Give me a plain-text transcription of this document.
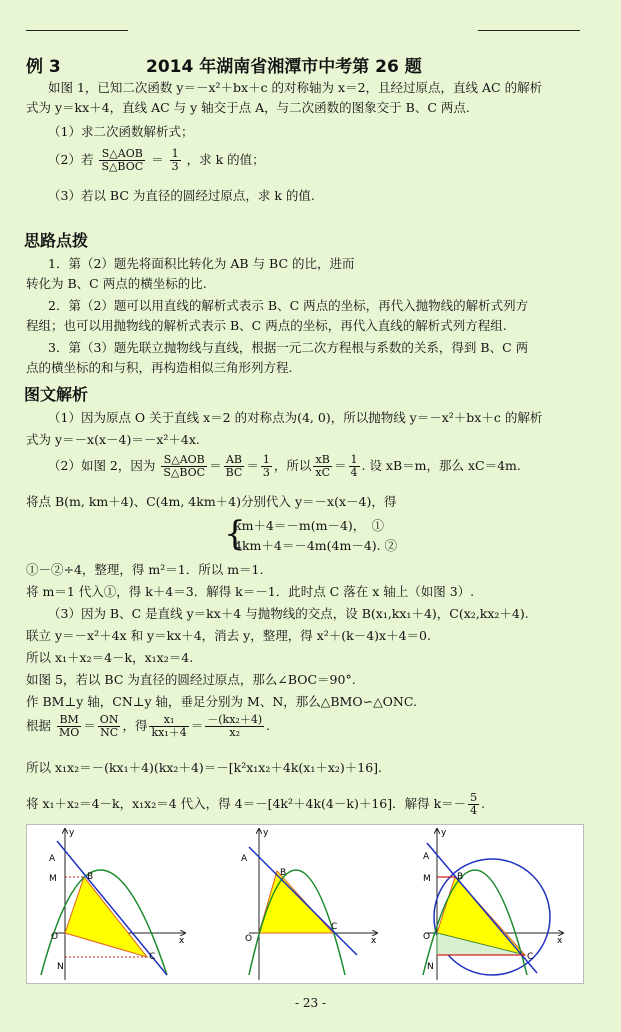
例 3	2014 年湖南省湘潭市中考第 26 题
如图 1，已知二次函数 y＝－x²＋bx＋c 的对称轴为 x＝2，且经过原点，直线 AC 的解析
式为 y＝kx＋4，直线 AC 与 y 轴交于点 A，与二次函数的图象交于 B、C 两点.
（1）求二次函数解析式；
（2）若 $\frac{\text{S△AOB}}{\text{S△BOC}} = \frac{1}{3}$ ，求 k 的值；
（3）若以 BC 为直径的圆经过原点，求 k 的值.
思路点拨
1．第（2）题先将面积比转化为 AB 与 BC 的比，进而
转化为 B、C 两点的横坐标的比.
2．第（2）题可以用直线的解析式表示 B、C 两点的坐标，再代入抛物线的解析式列方
程组；也可以用抛物线的解析式表示 B、C 两点的坐标，再代入直线的解析式列方程组.
3．第（3）题先联立抛物线与直线，根据一元二次方程根与系数的关系，得到 B、C 两
点的横坐标的和与积，再构造相似三角形列方程.
图文解析
（1）因为原点 O 关于直线 x＝2 的对称点为(4, 0)，所以抛物线 y＝－x²＋bx＋c 的解析
式为 y＝－x(x－4)＝－x²＋4x.
（2）如图 2，因为 $\frac{\text{S△AOB}}{\text{S△BOC}} = \frac{AB}{BC} = \frac{1}{3}$ ，所以 $\frac{xB}{xC} = \frac{1}{4}$ . 设 xB＝m，那么 xC＝4m.
将点 B(m, km＋4)、C(4m, 4km＋4)分别代入 y＝－x(x－4)，得
{
km＋4＝－m(m－4)，　①
4km＋4＝－4m(4m－4). ②
①－②÷4，整理，得 m²＝1．所以 m＝1.
将 m＝1 代入①，得 k＋4＝3．解得 k＝－1．此时点 C 落在 x 轴上（如图 3）.
（3）因为 B、C 是直线 y＝kx＋4 与抛物线的交点，设 B(x₁,kx₁＋4)，C(x₂,kx₂＋4).
联立 y＝－x²＋4x 和 y＝kx＋4，消去 y，整理，得 x²＋(k－4)x＋4＝0.
所以 x₁＋x₂＝4－k，x₁x₂＝4.
如图 5，若以 BC 为直径的圆经过原点，那么∠BOC＝90°.
作 BM⊥y 轴，CN⊥y 轴，垂足分别为 M、N，那么△BMO∽△ONC.
根据 $\frac{BM}{MO} = \frac{ON}{NC}$ ，得 $\frac{\text{x₁}}{\text{kx₁＋4}} = \frac{\text{－(kx₂＋4)}}{\text{x₂}}$ .
所以 x₁x₂＝－(kx₁＋4)(kx₂＋4)＝－[k²x₁x₂＋4k(x₁＋x₂)＋16].
将 x₁＋x₂＝4－k，x₁x₂＝4 代入，得 4＝－[4k²＋4k(4－k)＋16]．解得 $k=- \frac{5}{4}$ .
y
x
A
M	B
O
N
C
y
x
A
B
O
C
y
x
A
M	B
O
N
C
- 23 -
